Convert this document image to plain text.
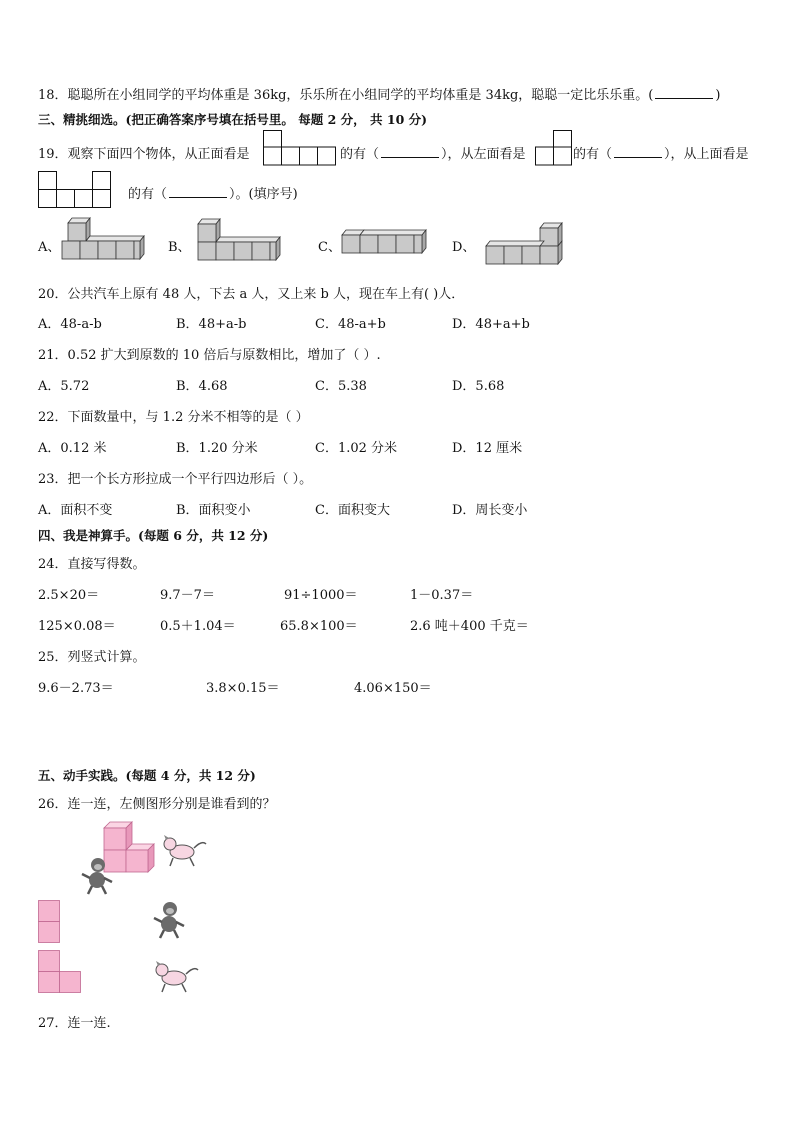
18．聪聪所在小组同学的平均体重是 36kg，乐乐所在小组同学的平均体重是 34kg，聪聪一定比乐乐重。(	)
三、精挑细选。(把正确答案序号填在括号里。 每题 2 分， 共 10 分)
19．观察下面四个物体，从正面看是	的有（	），从左面看是	的有（	），从上面看是
的有（	）。(填序号)
A、	B、	C、	D、
20．公共汽车上原有 48 人，下去 a 人，又上来 b 人，现在车上有( )人．
A．48-a-b	B．48+a-b	C．48-a+b	D．48+a+b
21．0.52 扩大到原数的 10 倍后与原数相比，增加了（ ）.
A．5.72	B．4.68	C．5.38	D．5.68
22．下面数量中，与 1.2 分米不相等的是（ ）
A．0.12 米	B．1.20 分米	C．1.02 分米	D．12 厘米
23．把一个长方形拉成一个平行四边形后（ ）。
A．面积不变	B．面积变小	C．面积变大	D．周长变小
四、我是神算手。(每题 6 分，共 12 分)
24．直接写得数。
2.5×20＝	9.7－7＝	91÷1000＝	1－0.37＝
125×0.08＝	0.5＋1.04＝	65.8×100＝	2.6 吨＋400 千克＝
25．列竖式计算。
9.6－2.73＝	3.8×0.15＝	4.06×150＝
五、动手实践。(每题 4 分，共 12 分)
26．连一连，左侧图形分别是谁看到的？
27．连一连.
